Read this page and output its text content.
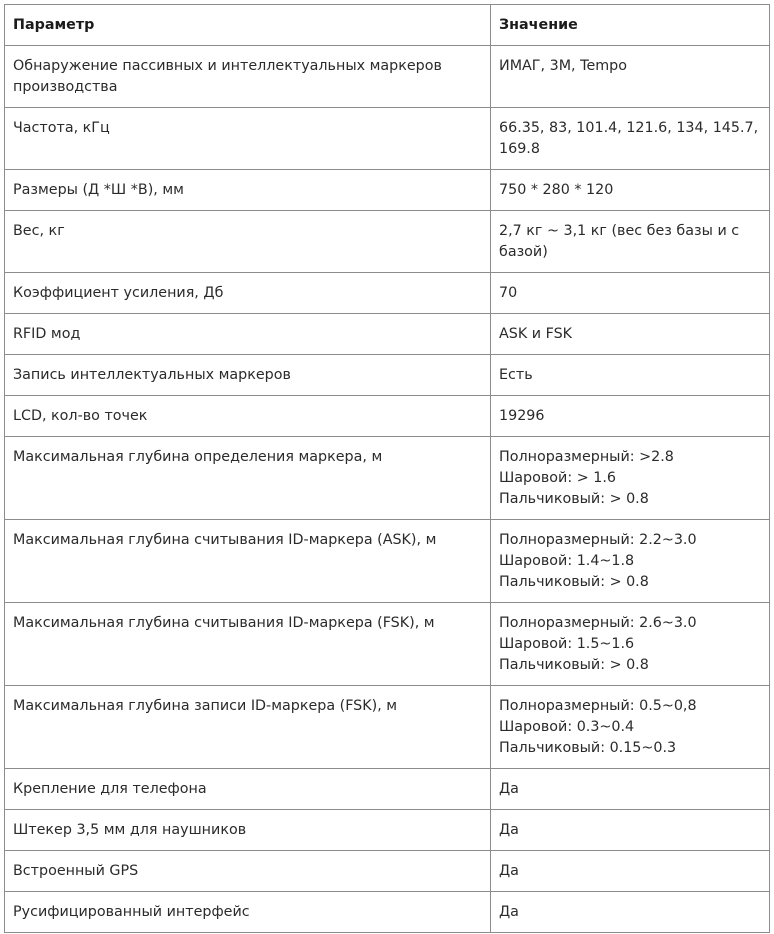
Параметр	Значение
Обнаружение пассивных и интеллектуальных маркеров производства	ИМАГ, 3M, Tempo
Частота, кГц	66.35, 83, 101.4, 121.6, 134, 145.7, 169.8
Размеры (Д *Ш *В), мм	750 * 280 * 120
Вес, кг	2,7 кг ~ 3,1 кг (вес без базы и с базой)
Коэффициент усиления, Дб	70
RFID мод	ASK и FSK
Запись интеллектуальных маркеров	Есть
LCD, кол-во точек	19296
Максимальная глубина определения маркера, м	Полноразмерный: >2.8
Шаровой: > 1.6
Пальчиковый: > 0.8
Максимальная глубина считывания ID-маркера (ASK), м	Полноразмерный: 2.2~3.0
Шаровой: 1.4~1.8
Пальчиковый: > 0.8
Максимальная глубина считывания ID-маркера (FSK), м	Полноразмерный: 2.6~3.0
Шаровой: 1.5~1.6
Пальчиковый: > 0.8
Максимальная глубина записи ID-маркера (FSK), м	Полноразмерный: 0.5~0,8
Шаровой: 0.3~0.4
Пальчиковый: 0.15~0.3
Крепление для телефона	Да
Штекер 3,5 мм для наушников	Да
Встроенный GPS	Да
Русифицированный интерфейс	Да
